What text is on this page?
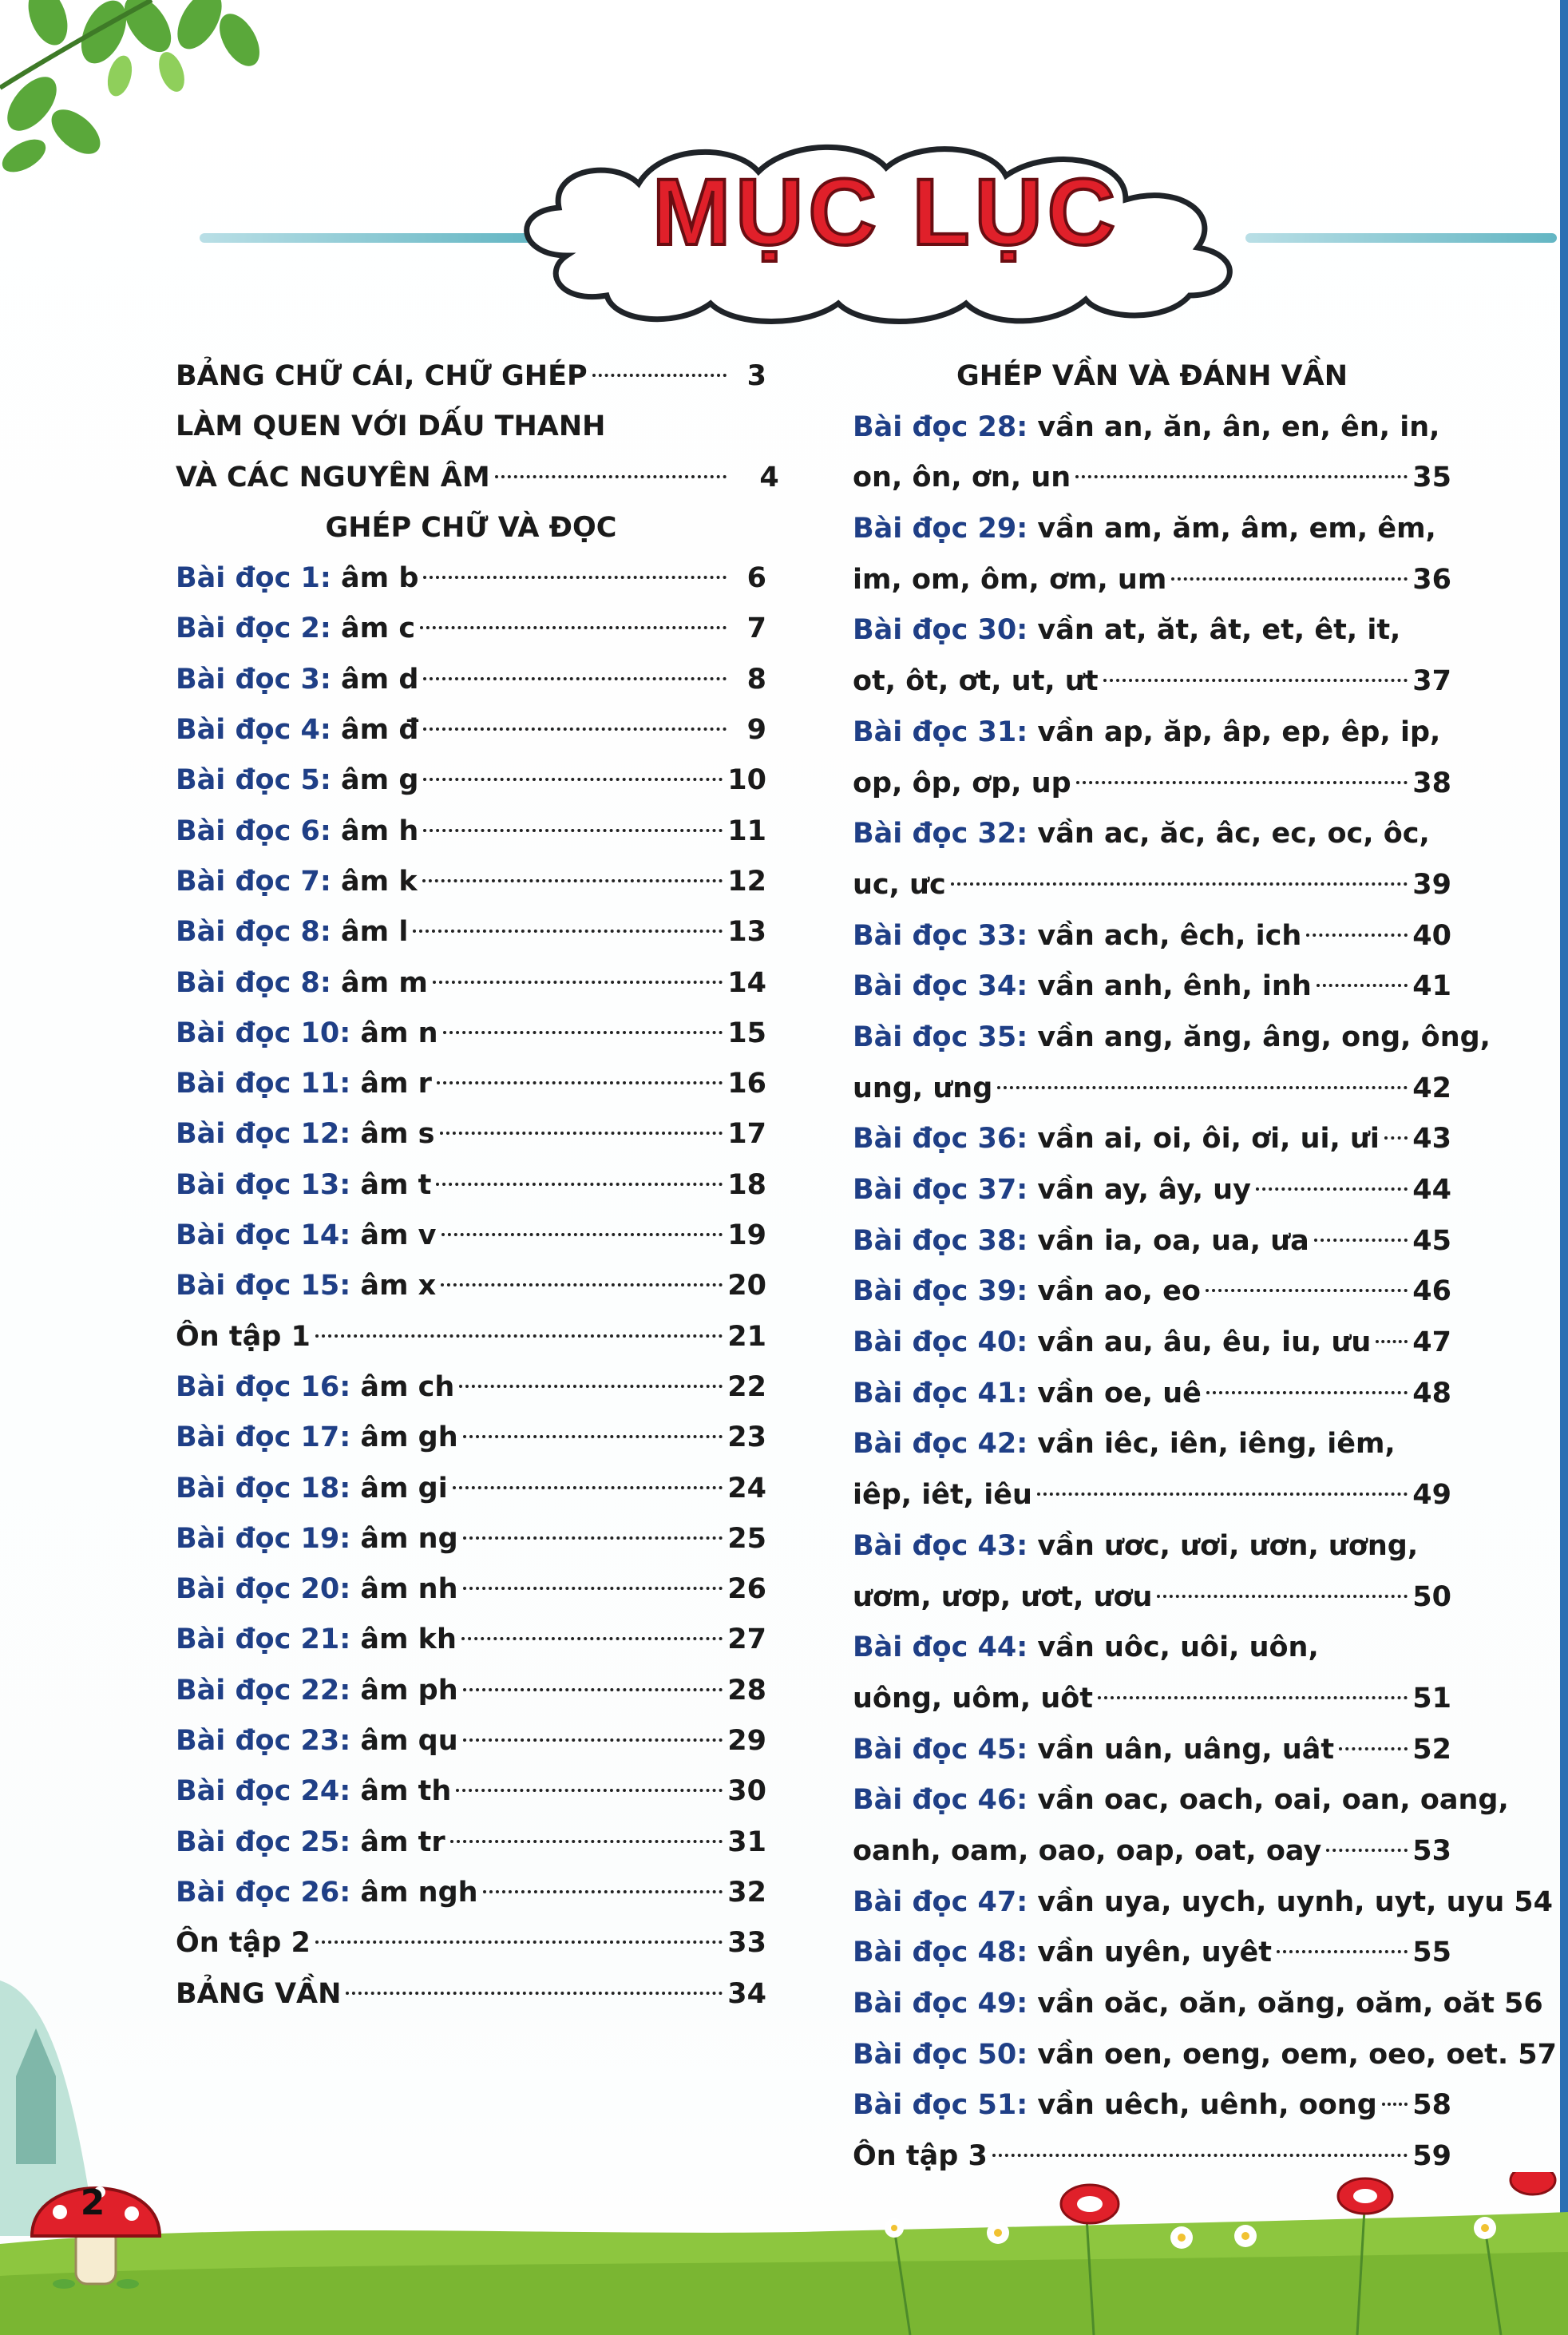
MỤC LỤC
BẢNG CHỮ CÁI, CHỮ GHÉP	3
LÀM QUEN VỚI DẤU THANH
VÀ CÁC NGUYÊN ÂM	4
GHÉP CHỮ VÀ ĐỌC
Bài đọc 1: âm b	6
Bài đọc 2: âm c	7
Bài đọc 3: âm d	8
Bài đọc 4: âm đ	9
Bài đọc 5: âm g	10
Bài đọc 6: âm h	11
Bài đọc 7: âm k	12
Bài đọc 8: âm l	13
Bài đọc 8: âm m	14
Bài đọc 10: âm n	15
Bài đọc 11: âm r	16
Bài đọc 12: âm s	17
Bài đọc 13: âm t	18
Bài đọc 14: âm v	19
Bài đọc 15: âm x	20
Ôn tập 1	21
Bài đọc 16: âm ch	22
Bài đọc 17: âm gh	23
Bài đọc 18: âm gi	24
Bài đọc 19: âm ng	25
Bài đọc 20: âm nh	26
Bài đọc 21: âm kh	27
Bài đọc 22: âm ph	28
Bài đọc 23: âm qu	29
Bài đọc 24: âm th	30
Bài đọc 25: âm tr	31
Bài đọc 26: âm ngh	32
Ôn tập 2	33
BẢNG VẦN	34
GHÉP VẦN VÀ ĐÁNH VẦN
Bài đọc 28: vần an, ăn, ân, en, ên, in,
on, ôn, ơn, un	35
Bài đọc 29: vần am, ăm, âm, em, êm,
im, om, ôm, ơm, um	36
Bài đọc 30: vần at, ăt, ât, et, êt, it,
ot, ôt, ơt, ut, ưt	37
Bài đọc 31: vần ap, ăp, âp, ep, êp, ip,
op, ôp, ơp, up	38
Bài đọc 32: vần ac, ăc, âc, ec, oc, ôc,
uc, ưc	39
Bài đọc 33: vần ach, êch, ich	40
Bài đọc 34: vần anh, ênh, inh	41
Bài đọc 35: vần ang, ăng, âng, ong, ông,
ung, ưng	42
Bài đọc 36: vần ai, oi, ôi, ơi, ui, ưi 43
Bài đọc 37: vần ay, ây, uy	44
Bài đọc 38: vần ia, oa, ua, ưa	45
Bài đọc 39: vần ao, eo	46
Bài đọc 40: vần au, âu, êu, iu, ưu 47
Bài đọc 41: vần oe, uê	48
Bài đọc 42: vần iêc, iên, iêng, iêm,
iêp, iêt, iêu	49
Bài đọc 43: vần ươc, ươi, ươn, ương,
ươm, ươp, ươt, ươu	50
Bài đọc 44: vần uôc, uôi, uôn,
uông, uôm, uôt	51
Bài đọc 45: vần uân, uâng, uât	52
Bài đọc 46: vần oac, oach, oai, oan, oang,
oanh, oam, oao, oap, oat, oay	53
Bài đọc 47: vần uya, uych, uynh, uyt, uyu 54
Bài đọc 48: vần uyên, uyêt	55
Bài đọc 49: vần oăc, oăn, oăng, oăm, oăt 56
Bài đọc 50: vần oen, oeng, oem, oeo, oet. 57
Bài đọc 51: vần uêch, uênh, oong 58
Ôn tập 3	59
2
